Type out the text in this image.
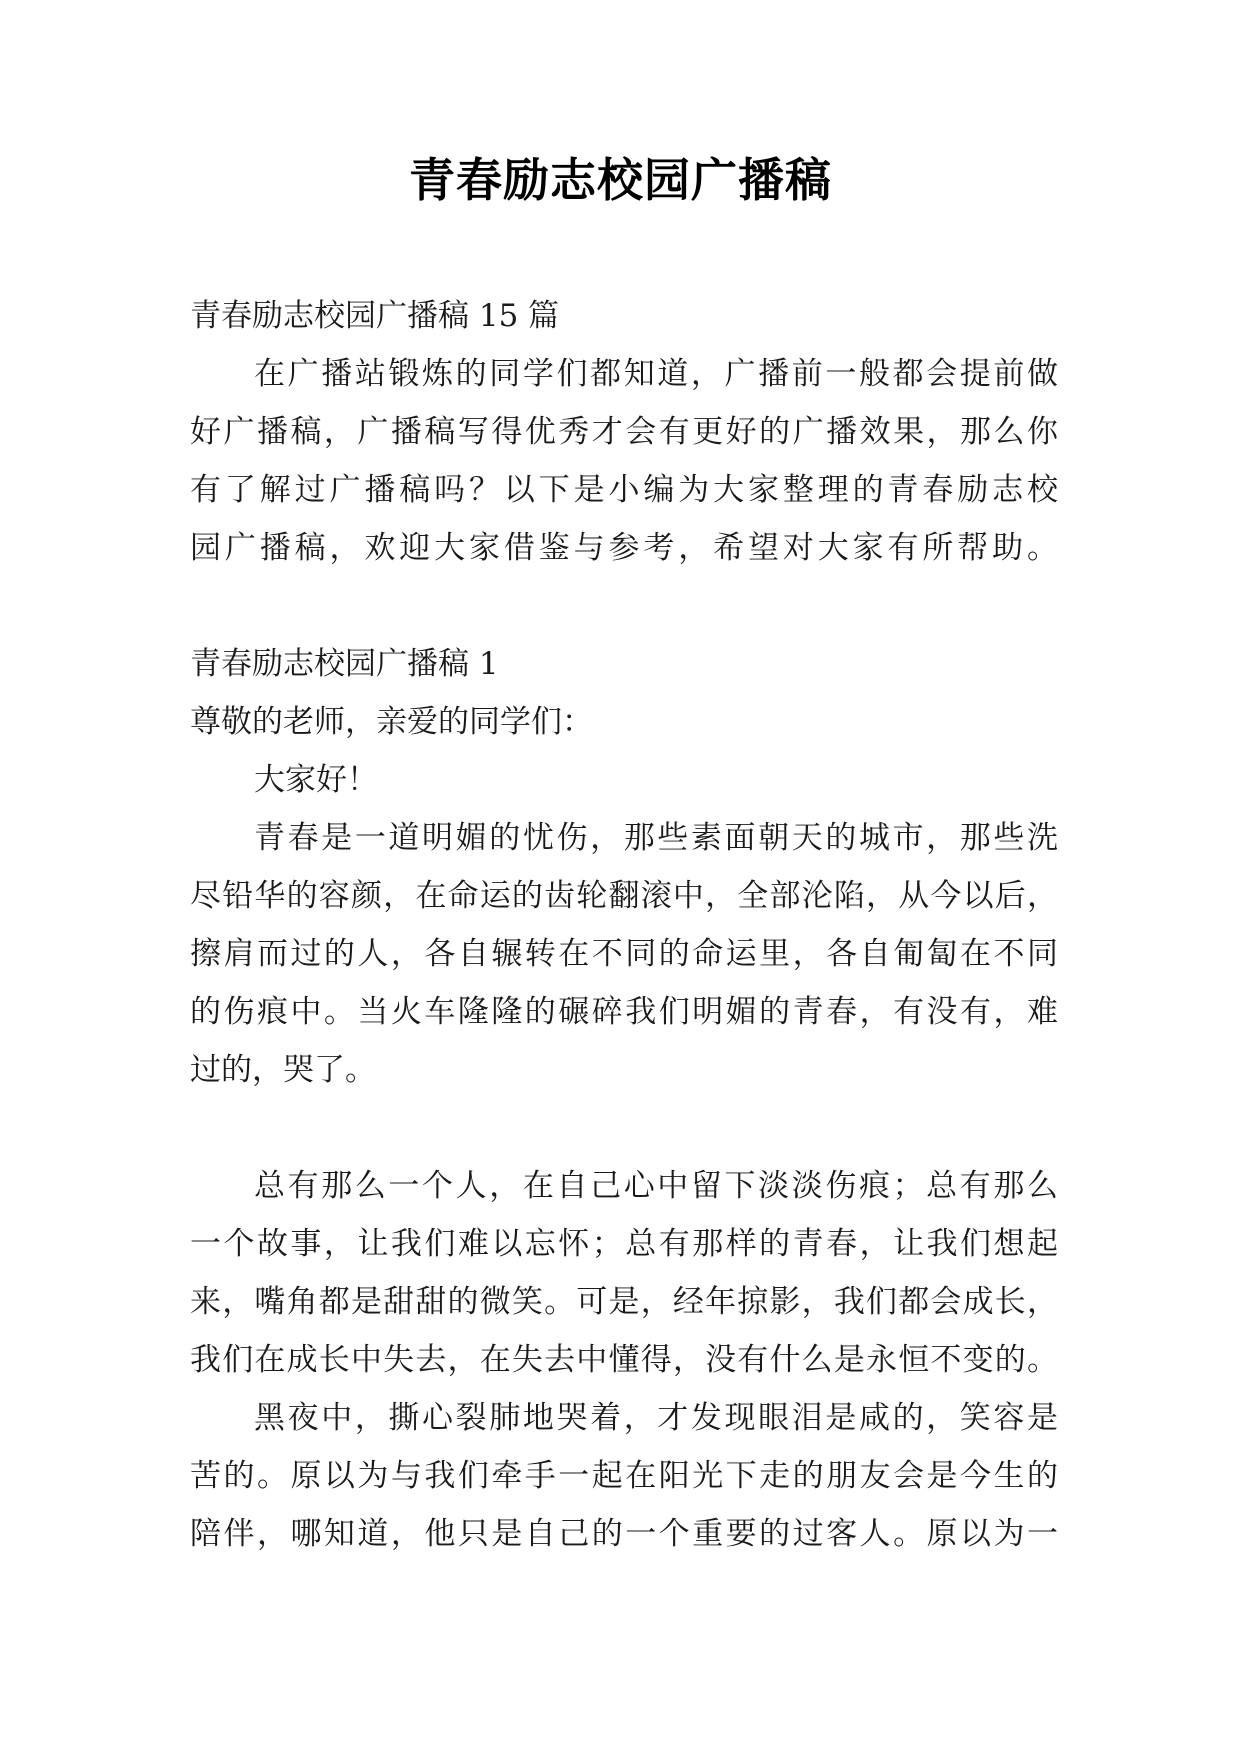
青春励志校园广播稿
青春励志校园广播稿 15 篇
在广播站锻炼的同学们都知道，广播前一般都会提前做
好广播稿，广播稿写得优秀才会有更好的广播效果，那么你
有了解过广播稿吗？以下是小编为大家整理的青春励志校
园广播稿，欢迎大家借鉴与参考，希望对大家有所帮助。
青春励志校园广播稿 1
尊敬的老师，亲爱的同学们：
大家好！
青春是一道明媚的忧伤，那些素面朝天的城市，那些洗
尽铅华的容颜，在命运的齿轮翻滚中，全部沦陷，从今以后，
擦肩而过的人，各自辗转在不同的命运里，各自匍匐在不同
的伤痕中。当火车隆隆的碾碎我们明媚的青春，有没有，难
过的，哭了。
总有那么一个人，在自己心中留下淡淡伤痕；总有那么
一个故事，让我们难以忘怀；总有那样的青春，让我们想起
来，嘴角都是甜甜的微笑。可是，经年掠影，我们都会成长，
我们在成长中失去，在失去中懂得，没有什么是永恒不变的。
黑夜中，撕心裂肺地哭着，才发现眼泪是咸的，笑容是
苦的。原以为与我们牵手一起在阳光下走的朋友会是今生的
陪伴，哪知道，他只是自己的一个重要的过客人。原以为一
